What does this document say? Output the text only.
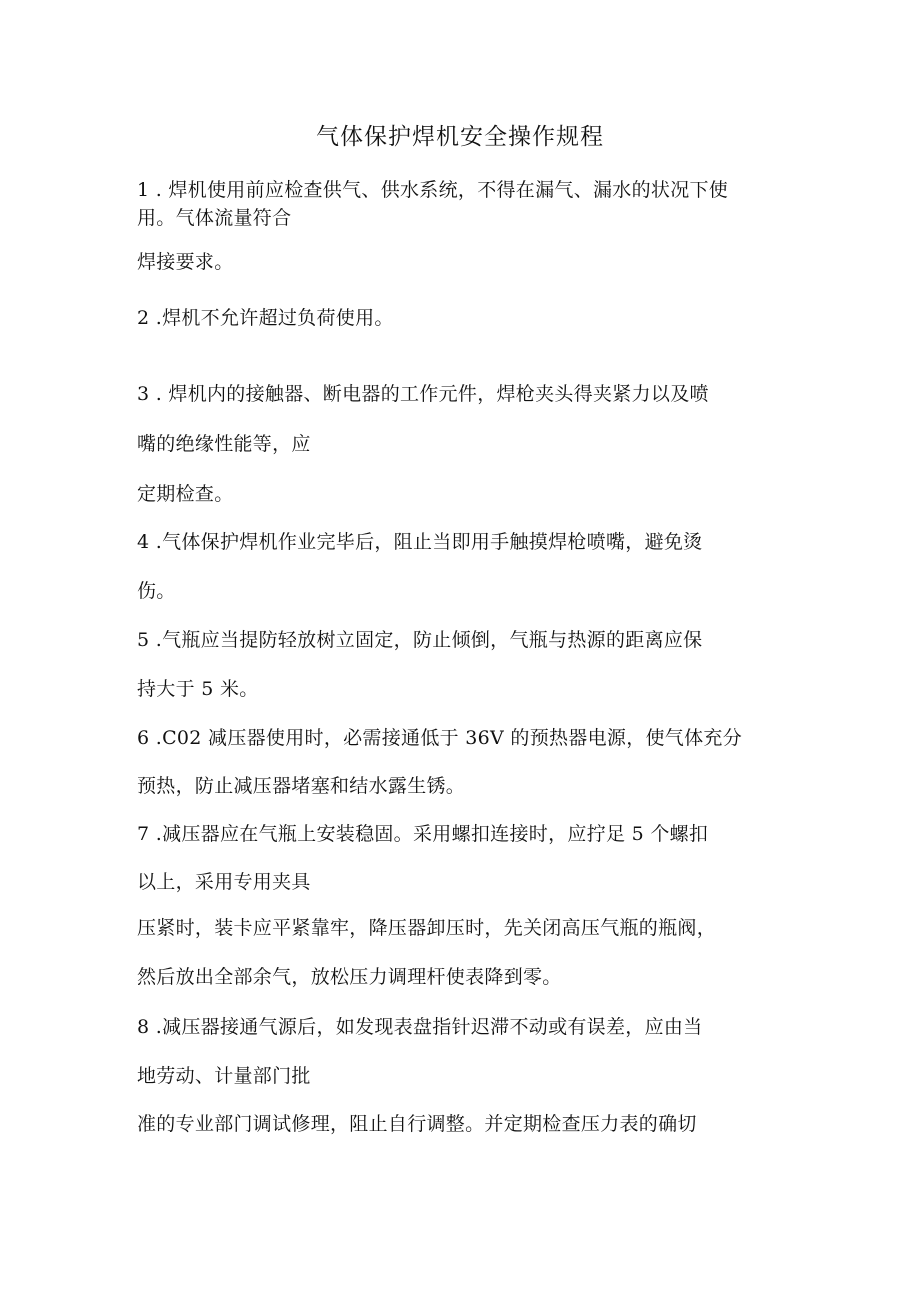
气体保护焊机安全操作规程
1 . 焊机使用前应检查供气、供水系统，不得在漏气、漏水的状况下使
用。气体流量符合
焊接要求。
2 .焊机不允许超过负荷使用。
3 . 焊机内的接触器、断电器的工作元件，焊枪夹头得夹紧力以及喷
嘴的绝缘性能等，应
定期检查。
4 .气体保护焊机作业完毕后，阻止当即用手触摸焊枪喷嘴，避免烫
伤。
5 .气瓶应当提防轻放树立固定，防止倾倒，气瓶与热源的距离应保
持大于 5 米。
6 .C02 减压器使用时，必需接通低于 36V 的预热器电源，使气体充分
预热，防止减压器堵塞和结水露生锈。
7 .减压器应在气瓶上安装稳固。采用螺扣连接时，应拧足 5 个螺扣
以上，采用专用夹具
压紧时，装卡应平紧靠牢，降压器卸压时，先关闭高压气瓶的瓶阀，
然后放出全部余气，放松压力调理杆使表降到零。
8 .减压器接通气源后，如发现表盘指针迟滞不动或有误差，应由当
地劳动、计量部门批
准的专业部门调试修理，阻止自行调整。并定期检查压力表的确切
